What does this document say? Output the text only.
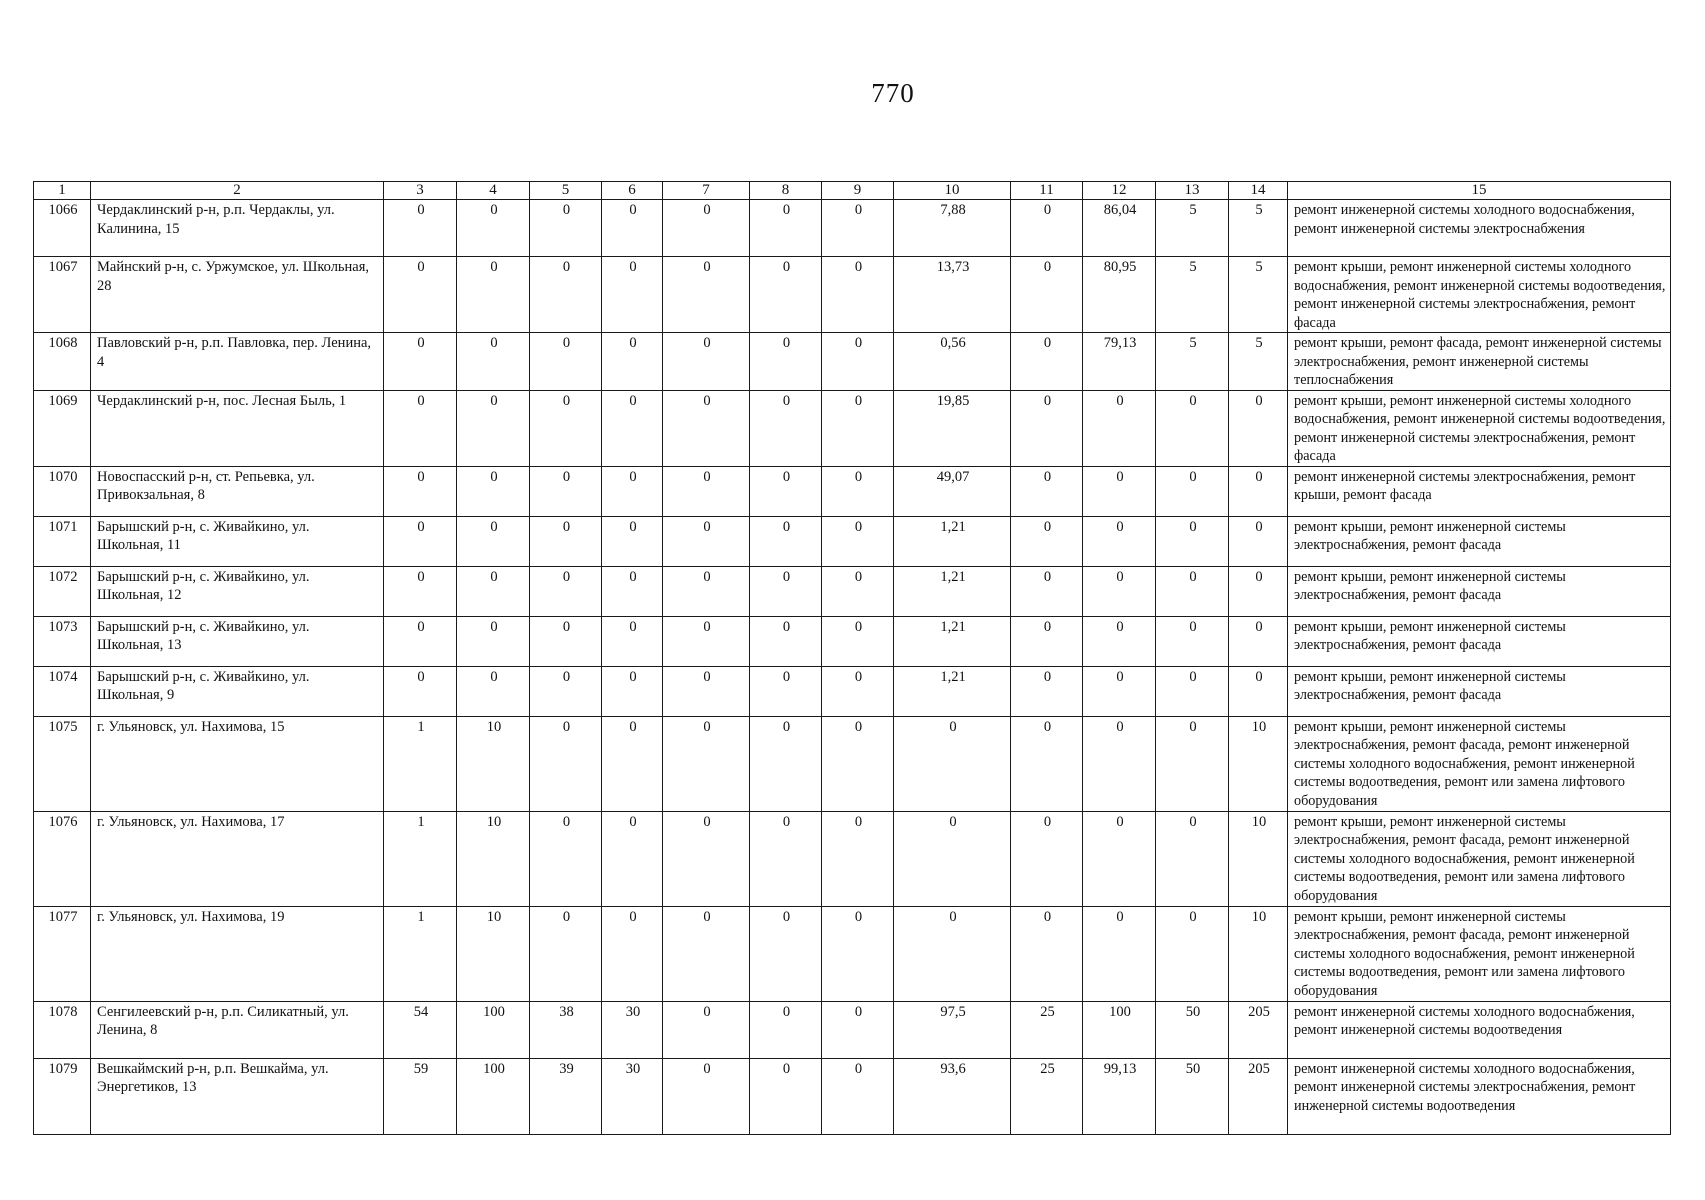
770
1	2	3	4	5	6	7	8	9	10	11	12	13	14	15
1066	Чердаклинский р-н, р.п. Чердаклы, ул. Калинина, 15	0	0	0	0	0	0	0	7,88	0	86,04	5	5	ремонт инженерной системы холодного водоснабжения, ремонт инженерной системы электроснабжения
1067	Майнский р-н, с. Уржумское, ул. Школьная, 28	0	0	0	0	0	0	0	13,73	0	80,95	5	5	ремонт крыши, ремонт инженерной системы холодного водоснабжения, ремонт инженерной системы водоотведения, ремонт инженерной системы электроснабжения, ремонт фасада
1068	Павловский р-н, р.п. Павловка, пер. Ленина, 4	0	0	0	0	0	0	0	0,56	0	79,13	5	5	ремонт крыши, ремонт фасада, ремонт инженерной системы электроснабжения, ремонт инженерной системы теплоснабжения
1069	Чердаклинский р-н, пос. Лесная Быль, 1	0	0	0	0	0	0	0	19,85	0	0	0	0	ремонт крыши, ремонт инженерной системы холодного водоснабжения, ремонт инженерной системы водоотведения, ремонт инженерной системы электроснабжения, ремонт фасада
1070	Новоспасский р-н, ст. Репьевка, ул. Привокзальная, 8	0	0	0	0	0	0	0	49,07	0	0	0	0	ремонт инженерной системы электроснабжения, ремонт крыши, ремонт фасада
1071	Барышский р-н, с. Живайкино, ул. Школьная, 11	0	0	0	0	0	0	0	1,21	0	0	0	0	ремонт крыши, ремонт инженерной системы электроснабжения, ремонт фасада
1072	Барышский р-н, с. Живайкино, ул. Школьная, 12	0	0	0	0	0	0	0	1,21	0	0	0	0	ремонт крыши, ремонт инженерной системы электроснабжения, ремонт фасада
1073	Барышский р-н, с. Живайкино, ул. Школьная, 13	0	0	0	0	0	0	0	1,21	0	0	0	0	ремонт крыши, ремонт инженерной системы электроснабжения, ремонт фасада
1074	Барышский р-н, с. Живайкино, ул. Школьная, 9	0	0	0	0	0	0	0	1,21	0	0	0	0	ремонт крыши, ремонт инженерной системы электроснабжения, ремонт фасада
1075	г. Ульяновск, ул. Нахимова, 15	1	10	0	0	0	0	0	0	0	0	0	10	ремонт крыши, ремонт инженерной системы электроснабжения, ремонт фасада, ремонт инженерной системы холодного водоснабжения, ремонт инженерной системы водоотведения, ремонт или замена лифтового оборудования
1076	г. Ульяновск, ул. Нахимова, 17	1	10	0	0	0	0	0	0	0	0	0	10	ремонт крыши, ремонт инженерной системы электроснабжения, ремонт фасада, ремонт инженерной системы холодного водоснабжения, ремонт инженерной системы водоотведения, ремонт или замена лифтового оборудования
1077	г. Ульяновск, ул. Нахимова, 19	1	10	0	0	0	0	0	0	0	0	0	10	ремонт крыши, ремонт инженерной системы электроснабжения, ремонт фасада, ремонт инженерной системы холодного водоснабжения, ремонт инженерной системы водоотведения, ремонт или замена лифтового оборудования
1078	Сенгилеевский р-н, р.п. Силикатный, ул. Ленина, 8	54	100	38	30	0	0	0	97,5	25	100	50	205	ремонт инженерной системы холодного водоснабжения, ремонт инженерной системы водоотведения
1079	Вешкаймский р-н, р.п. Вешкайма, ул. Энергетиков, 13	59	100	39	30	0	0	0	93,6	25	99,13	50	205	ремонт инженерной системы холодного водоснабжения, ремонт инженерной системы электроснабжения, ремонт инженерной системы водоотведения
